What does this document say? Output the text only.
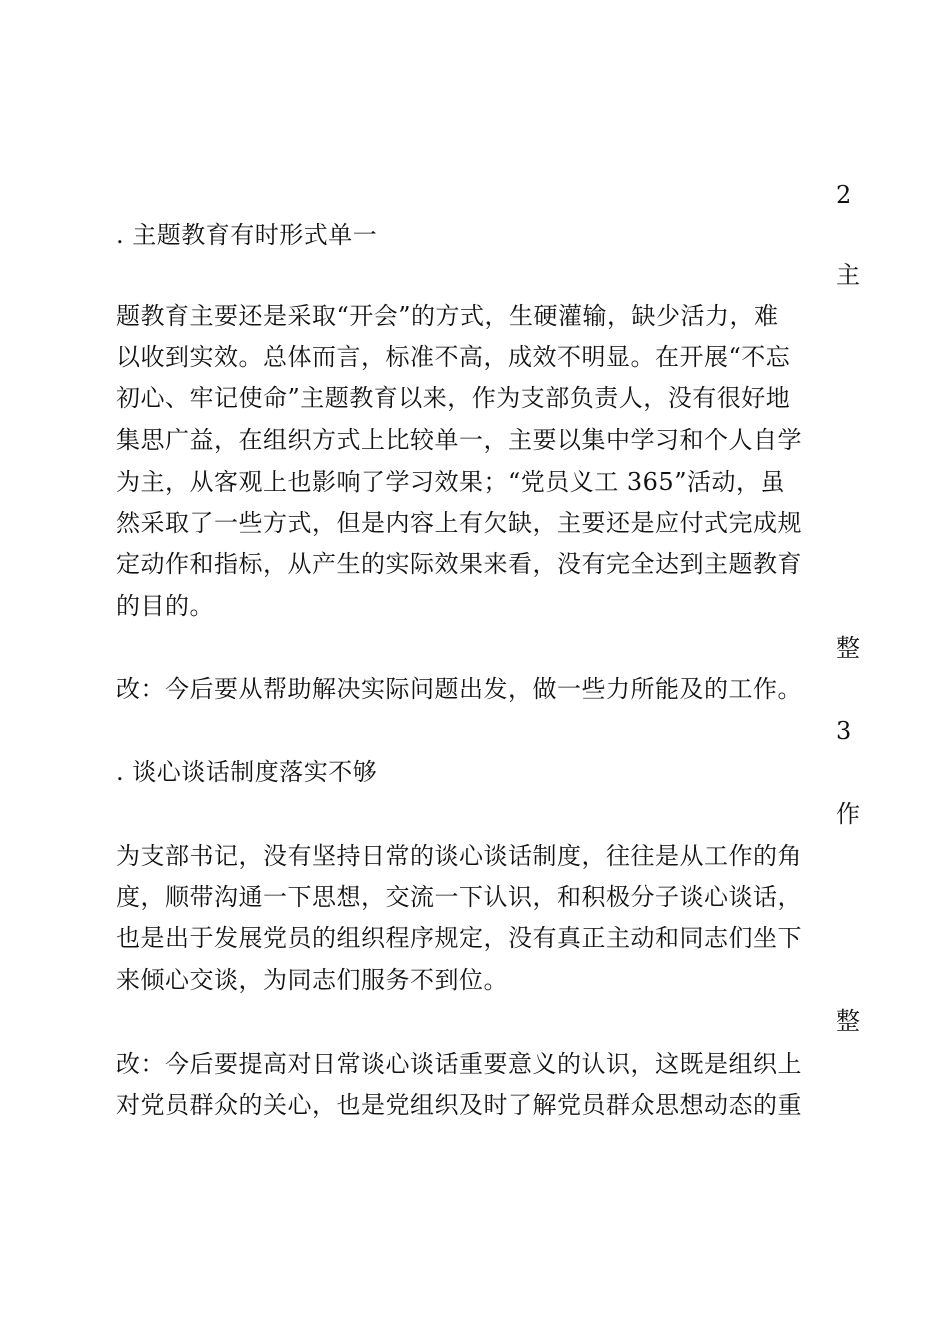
2
. 主题教育有时形式单一
主
题教育主要还是采取“开会”的方式，生硬灌输，缺少活力，难
以收到实效。总体而言，标准不高，成效不明显。在开展“不忘
初心、牢记使命”主题教育以来，作为支部负责人，没有很好地
集思广益，在组织方式上比较单一，主要以集中学习和个人自学
为主，从客观上也影响了学习效果；“党员义工 365”活动，虽
然采取了一些方式，但是内容上有欠缺，主要还是应付式完成规
定动作和指标，从产生的实际效果来看，没有完全达到主题教育
的目的。
整
改：今后要从帮助解决实际问题出发，做一些力所能及的工作。
3
. 谈心谈话制度落实不够
作
为支部书记，没有坚持日常的谈心谈话制度，往往是从工作的角
度，顺带沟通一下思想，交流一下认识，和积极分子谈心谈话，
也是出于发展党员的组织程序规定，没有真正主动和同志们坐下
来倾心交谈，为同志们服务不到位。
整
改：今后要提高对日常谈心谈话重要意义的认识，这既是组织上
对党员群众的关心，也是党组织及时了解党员群众思想动态的重
